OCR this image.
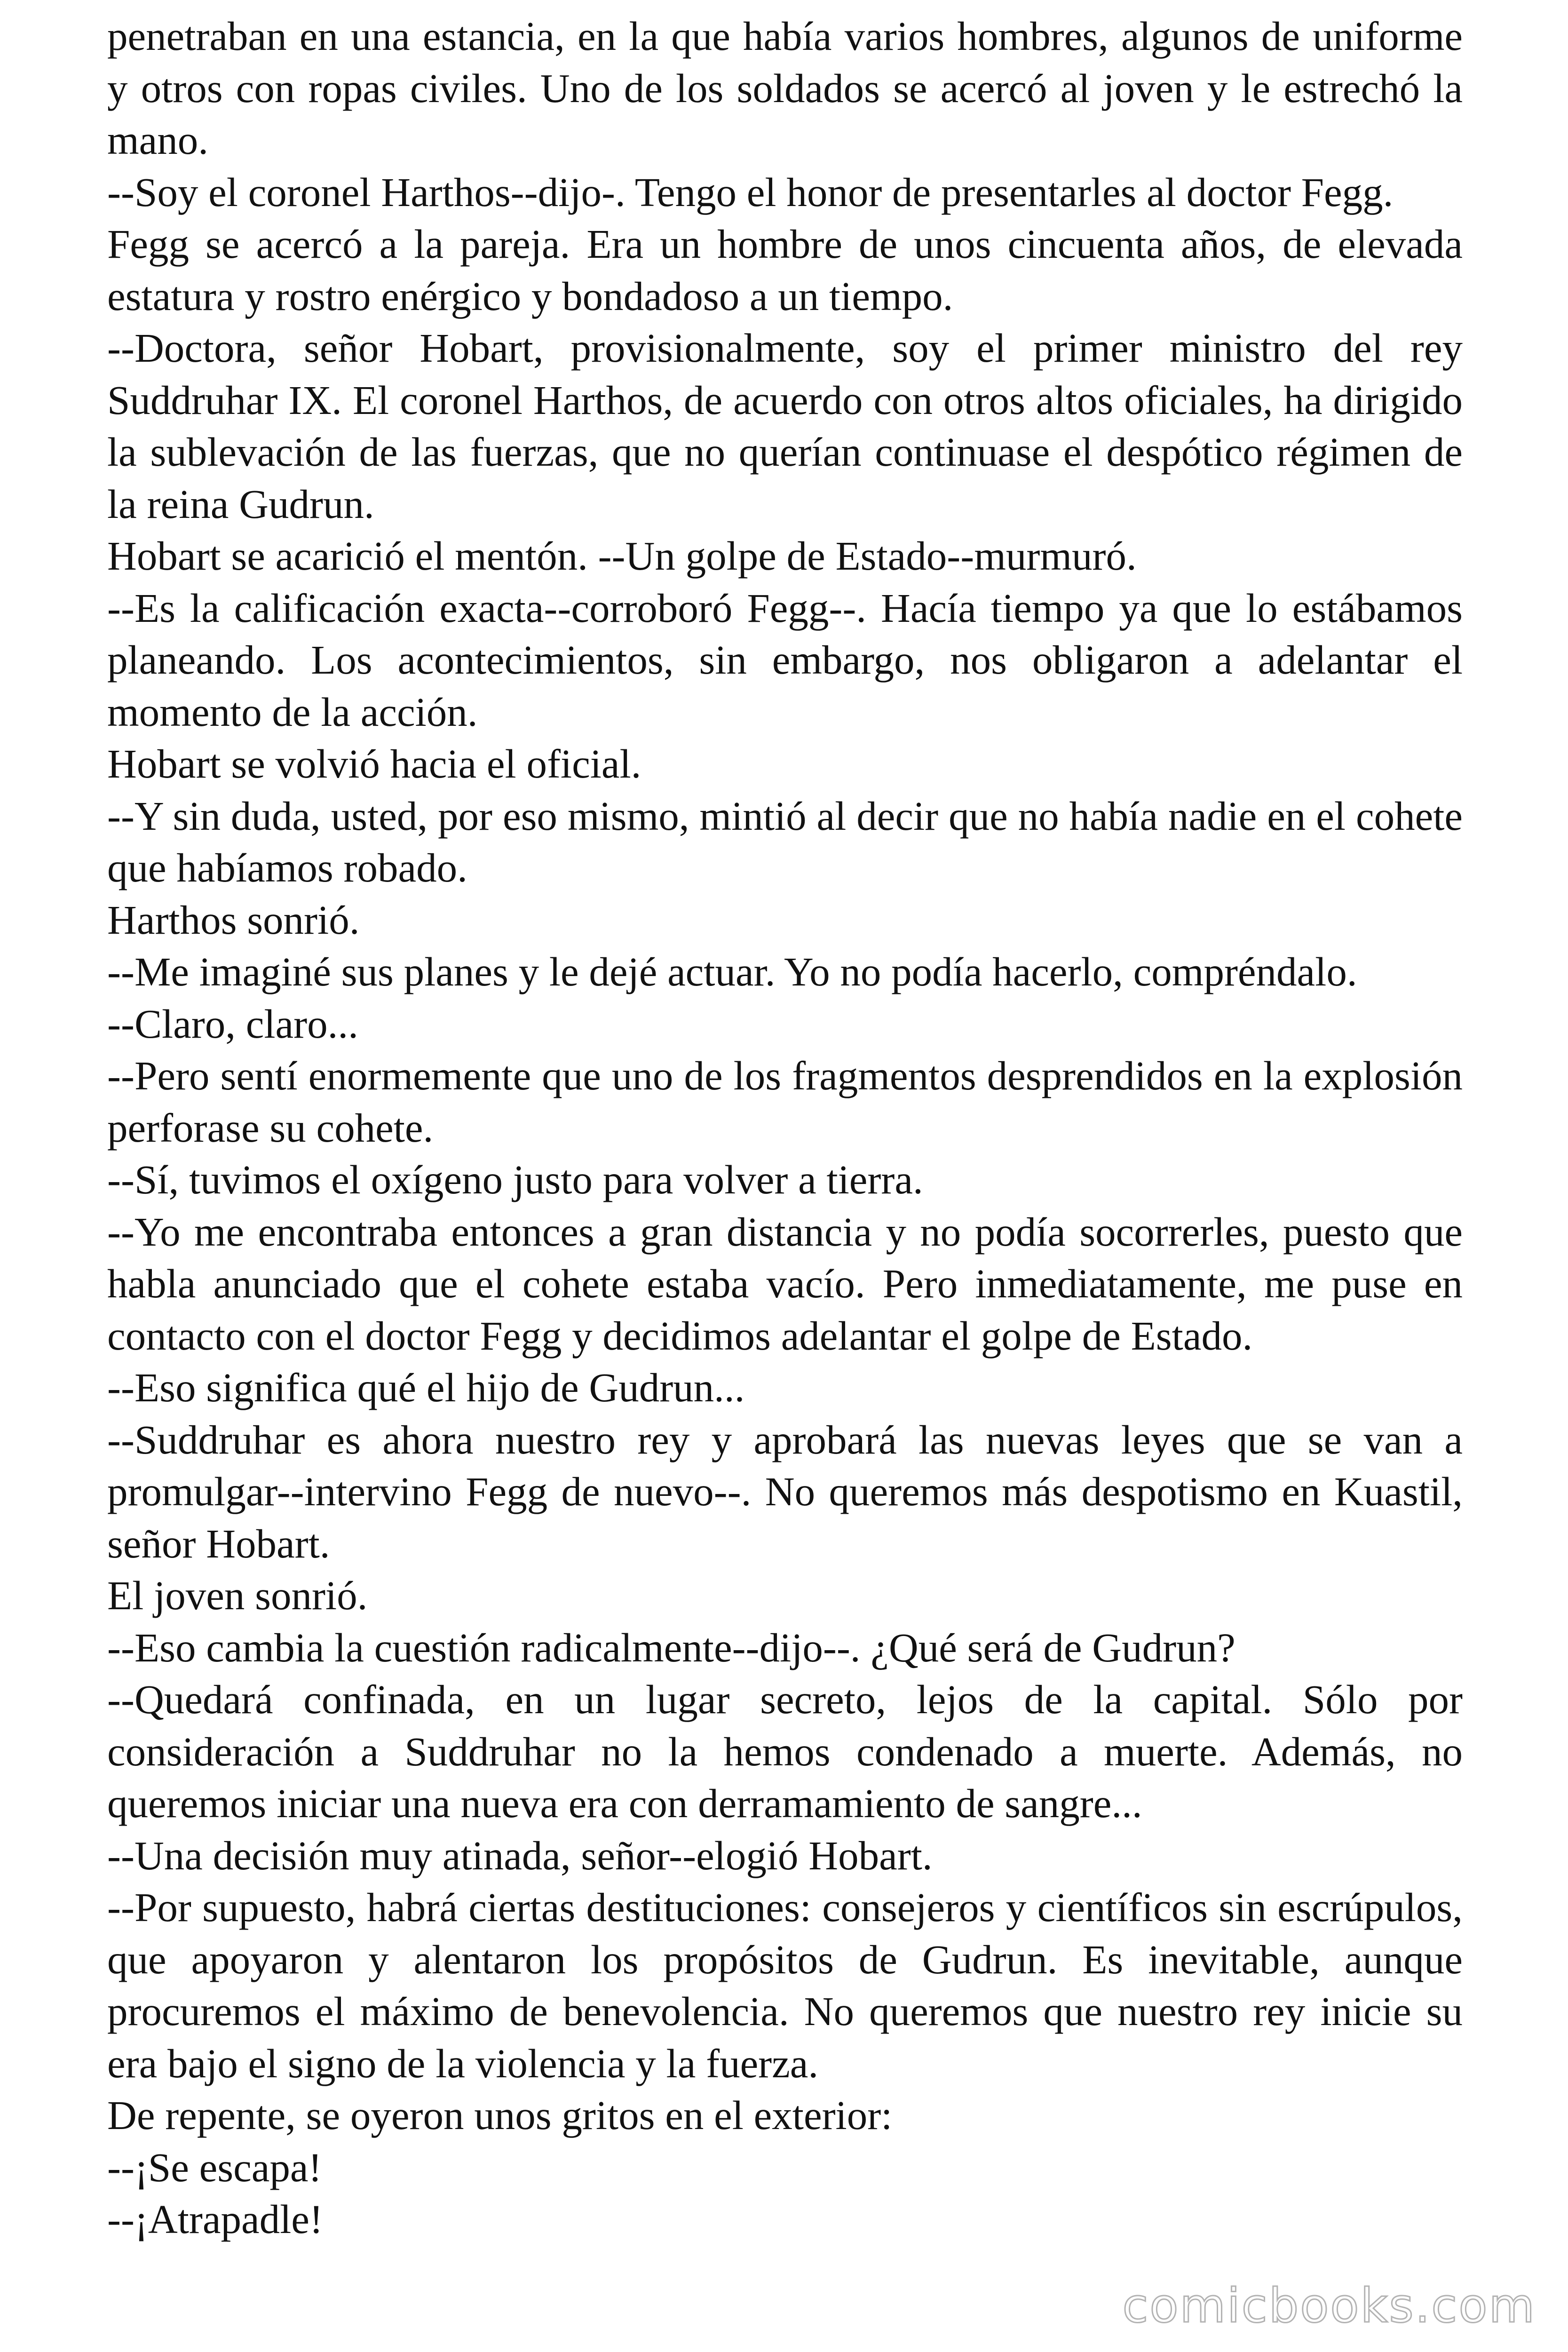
penetraban en una estancia, en la que había varios hombres, algunos de uniforme y otros con ropas civiles. Uno de los soldados se acercó al joven y le estrechó la mano.

--Soy el coronel Harthos--dijo-. Tengo el honor de presentarles al doctor Fegg.

Fegg se acercó a la pareja. Era un hombre de unos cincuenta años, de elevada estatura y rostro enérgico y bondadoso a un tiempo.

--Doctora, señor Hobart, provisionalmente, soy el primer ministro del rey Suddruhar IX. El coronel Harthos, de acuerdo con otros altos oficiales, ha dirigido la sublevación de las fuerzas, que no querían continuase el despótico régimen de la reina Gudrun.

Hobart se acarició el mentón. --Un golpe de Estado--murmuró.

--Es la calificación exacta--corroboró Fegg--. Hacía tiempo ya que lo estábamos planeando. Los acontecimientos, sin embargo, nos obligaron a adelantar el momento de la acción.

Hobart se volvió hacia el oficial.

--Y sin duda, usted, por eso mismo, mintió al decir que no había nadie en el cohete que habíamos robado.

Harthos sonrió.

--Me imaginé sus planes y le dejé actuar. Yo no podía hacerlo, compréndalo.

--Claro, claro...

--Pero sentí enormemente que uno de los fragmentos desprendidos en la explosión perforase su cohete.

--Sí, tuvimos el oxígeno justo para volver a tierra.

--Yo me encontraba entonces a gran distancia y no podía socorrerles, puesto que habla anunciado que el cohete estaba vacío. Pero inmediatamente, me puse en contacto con el doctor Fegg y decidimos adelantar el golpe de Estado.

--Eso significa qué el hijo de Gudrun...

--Suddruhar es ahora nuestro rey y aprobará las nuevas leyes que se van a promulgar--intervino Fegg de nuevo--. No queremos más despotismo en Kuastil, señor Hobart.

El joven sonrió.

--Eso cambia la cuestión radicalmente--dijo--. ¿Qué será de Gudrun?

--Quedará confinada, en un lugar secreto, lejos de la capital. Sólo por consideración a Suddruhar no la hemos condenado a muerte. Además, no queremos iniciar una nueva era con derramamiento de sangre...

--Una decisión muy atinada, señor--elogió Hobart.

--Por supuesto, habrá ciertas destituciones: consejeros y científicos sin escrúpulos, que apoyaron y alentaron los propósitos de Gudrun. Es inevitable, aunque procuremos el máximo de benevolencia. No queremos que nuestro rey inicie su era bajo el signo de la violencia y la fuerza.

De repente, se oyeron unos gritos en el exterior:

--¡Se escapa!

--¡Atrapadle!

comicbooks.com
